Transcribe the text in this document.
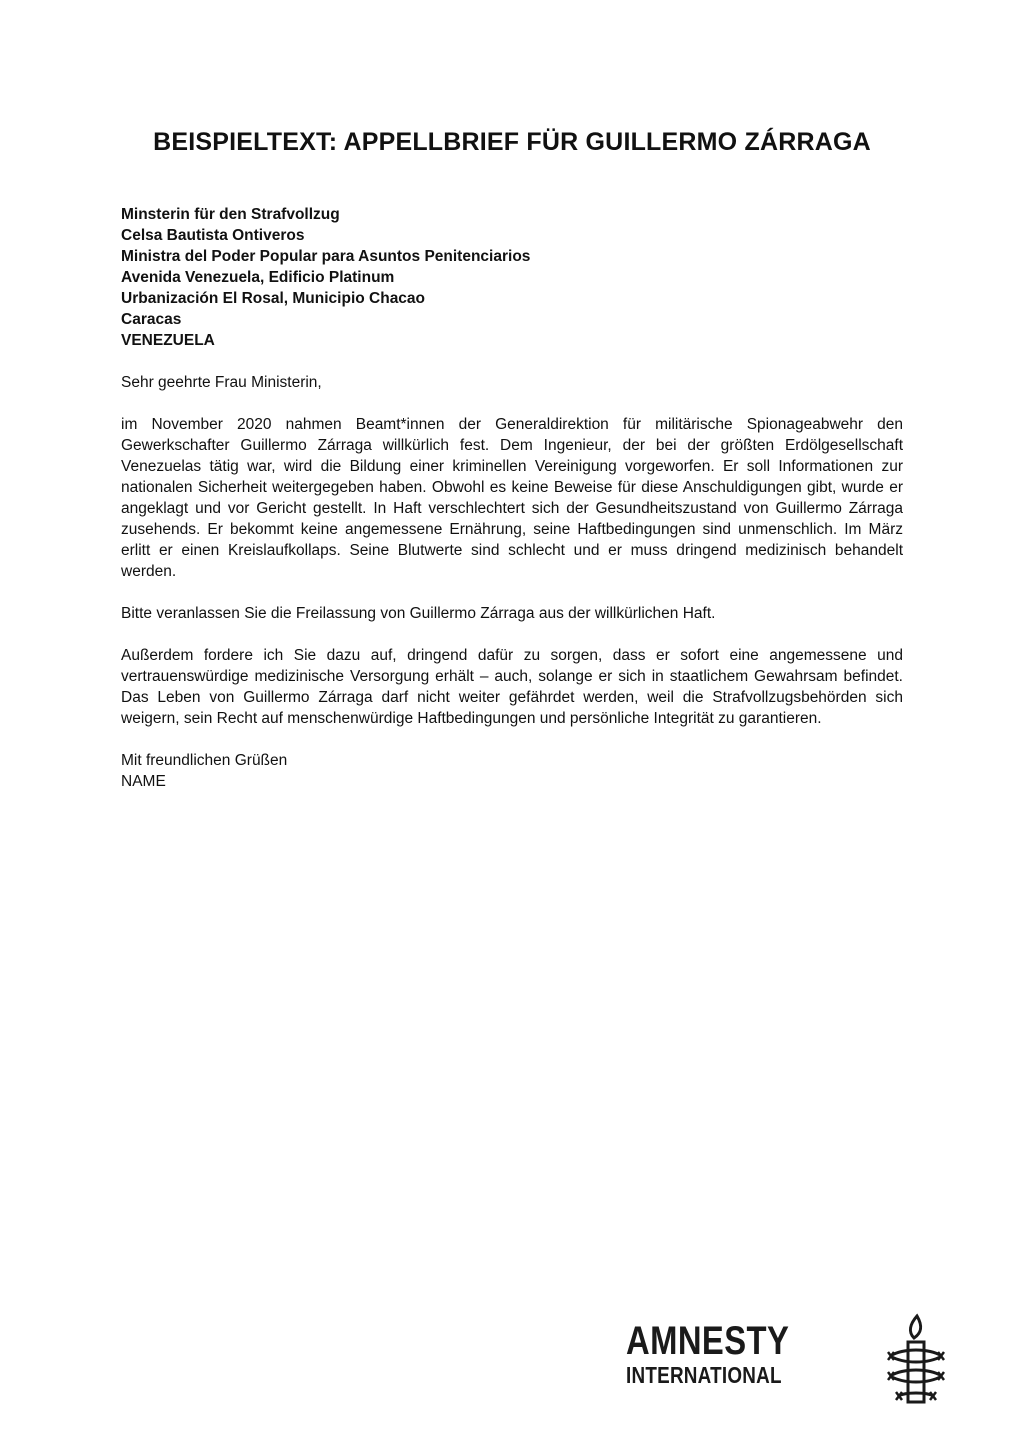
BEISPIELTEXT: APPELLBRIEF FÜR GUILLERMO ZÁRRAGA

Minsterin für den Strafvollzug

Celsa Bautista Ontiveros

Ministra del Poder Popular para Asuntos Penitenciarios

Avenida Venezuela, Edificio Platinum

Urbanización El Rosal, Municipio Chacao

Caracas

VENEZUELA

Sehr geehrte Frau Ministerin,

im November 2020 nahmen Beamt*innen der Generaldirektion für militärische Spionageabwehr den Gewerkschafter Guillermo Zárraga willkürlich fest. Dem Ingenieur, der bei der größten Erdölgesellschaft Venezuelas tätig war, wird die Bildung einer kriminellen Vereinigung vorgeworfen. Er soll Informationen zur nationalen Sicherheit weitergegeben haben. Obwohl es keine Beweise für diese Anschuldigungen gibt, wurde er angeklagt und vor Gericht gestellt. In Haft verschlechtert sich der Gesundheitszustand von Guillermo Zárraga zusehends. Er bekommt keine angemessene Ernährung, seine Haftbedingungen sind unmenschlich. Im März erlitt er einen Kreislaufkollaps. Seine Blutwerte sind schlecht und er muss dringend medizinisch behandelt werden.

Bitte veranlassen Sie die Freilassung von Guillermo Zárraga aus der willkürlichen Haft.

Außerdem fordere ich Sie dazu auf, dringend dafür zu sorgen, dass er sofort eine angemessene und vertrauenswürdige medizinische Versorgung erhält – auch, solange er sich in staatlichem Gewahrsam befindet. Das Leben von Guillermo Zárraga darf nicht weiter gefährdet werden, weil die Strafvollzugsbehörden sich weigern, sein Recht auf menschenwürdige Haftbedingungen und persönliche Integrität zu garantieren.

Mit freundlichen Grüßen

NAME

AMNESTY
INTERNATIONAL
